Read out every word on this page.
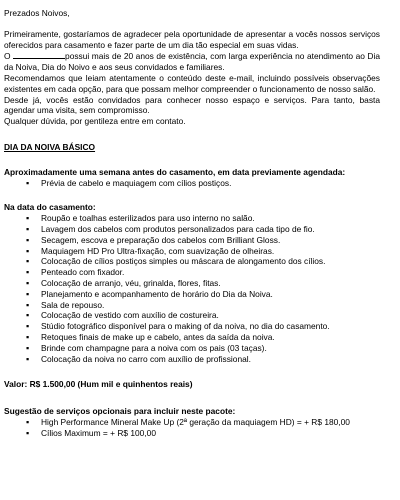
Prezados Noivos,

Primeiramente, gostaríamos de agradecer pela oportunidade de apresentar a vocês nossos serviços oferecidos para casamento e fazer parte de um dia tão especial em suas vidas.

O	possui mais de 20 anos de existência, com larga experiência no atendimento ao Dia da Noiva, Dia do Noivo e aos seus convidados e familiares.

Recomendamos que leiam atentamente o conteúdo deste e-mail, incluindo possíveis observações existentes em cada opção, para que possam melhor compreender o funcionamento de nosso salão.

Desde já, vocês estão convidados para conhecer nosso espaço e serviços. Para tanto, basta agendar uma visita, sem compromisso.

Qualquer dúvida, por gentileza entre em contato.

DIA DA NOIVA BÁSICO

Aproximadamente uma semana antes do casamento, em data previamente agendada:

▪ Prévia de cabelo e maquiagem com cílios postiços.

Na data do casamento:

▪ Roupão e toalhas esterilizados para uso interno no salão.
▪ Lavagem dos cabelos com produtos personalizados para cada tipo de fio.
▪ Secagem, escova e preparação dos cabelos com Brilliant Gloss.
▪ Maquiagem HD Pro Ultra-fixação, com suavização de olheiras.
▪ Colocação de cílios postiços simples ou máscara de alongamento dos cílios.
▪ Penteado com fixador.
▪ Colocação de arranjo, véu, grinalda, flores, fitas.
▪ Planejamento e acompanhamento de horário do Dia da Noiva.
▪ Sala de repouso.
▪ Colocação de vestido com auxílio de costureira.
▪ Stúdio fotográfico disponível para o making of da noiva, no dia do casamento.
▪ Retoques finais de make up e cabelo, antes da saída da noiva.
▪ Brinde com champagne para a noiva com os pais (03 taças).
▪ Colocação da noiva no carro com auxílio de profissional.

Valor: R$ 1.500,00 (Hum mil e quinhentos reais)

Sugestão de serviços opcionais para incluir neste pacote:

▪ High Performance Mineral Make Up (2ª geração da maquiagem HD) = + R$ 180,00
▪ Cílios Maximum = + R$ 100,00
